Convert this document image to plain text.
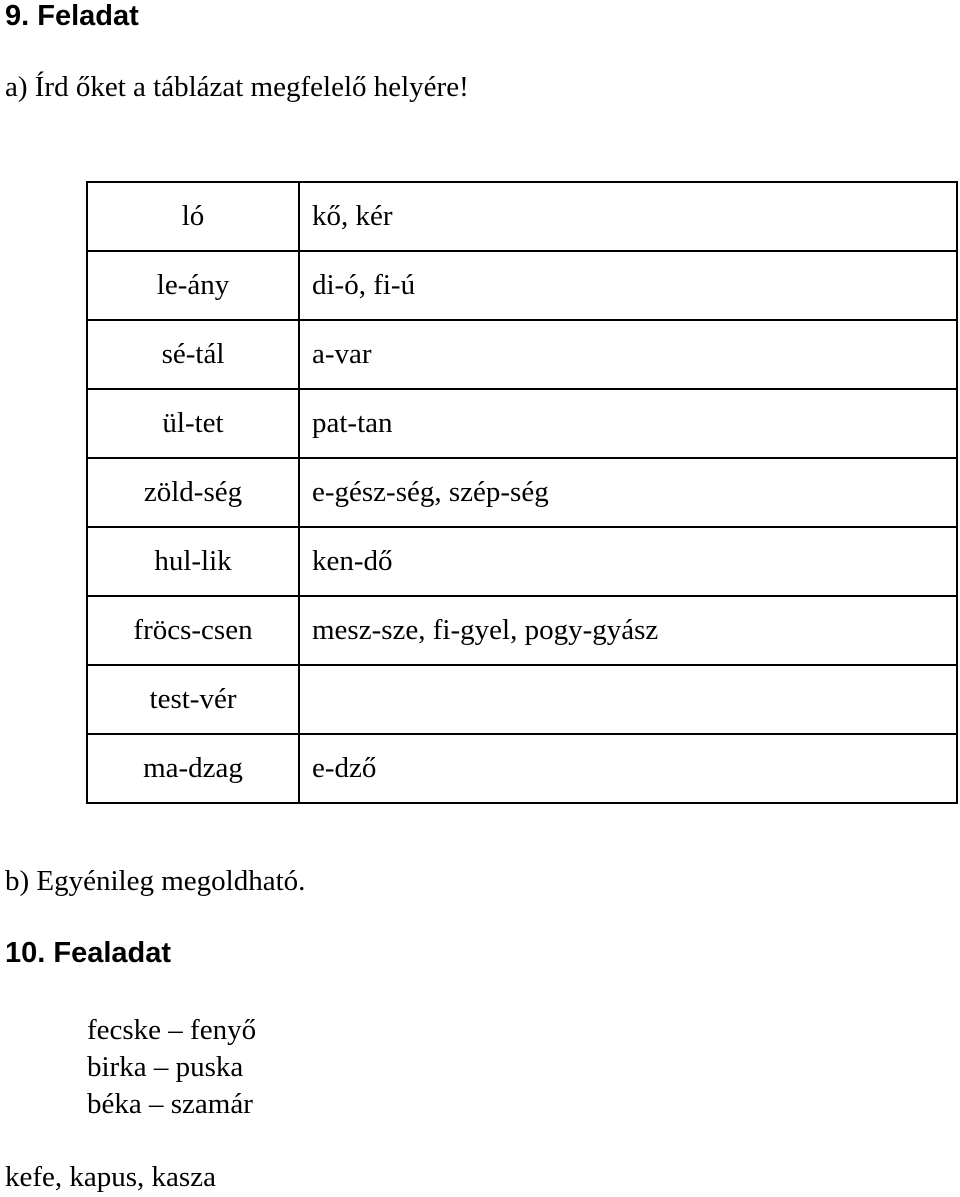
9. Feladat
a) Írd őket a táblázat megfelelő helyére!
ló	kő, kér
le-ány	di-ó, fi-ú
sé-tál	a-var
ül-tet	pat-tan
zöld-ség	e-gész-ség, szép-ség
hul-lik	ken-dő
fröcs-csen	mesz-sze, fi-gyel, pogy-gyász
test-vér	
ma-dzag	e-dző
b) Egyénileg megoldható.
10. Fealadat
fecske – fenyő
birka – puska
béka – szamár
kefe, kapus, kasza
